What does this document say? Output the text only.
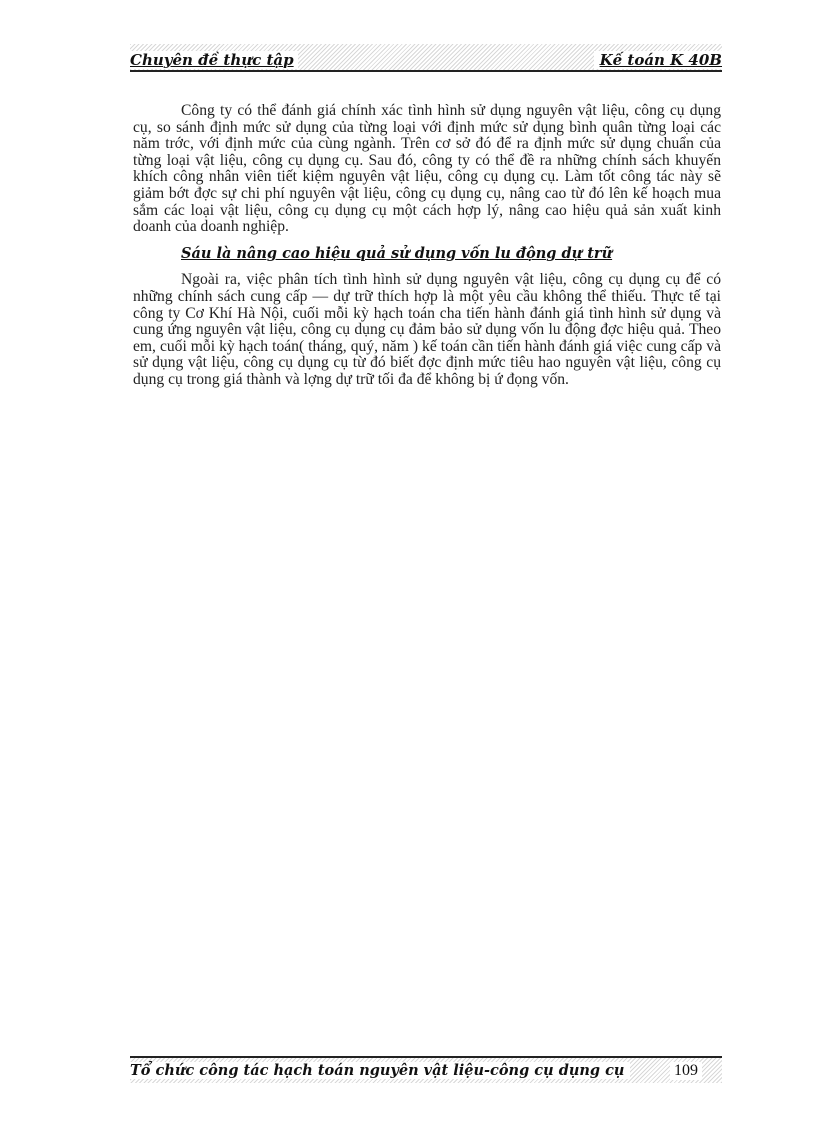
Chuyên đề thực tập	Kế toán K 40B

Công ty có thể đánh giá chính xác tình hình sử dụng nguyên vật liệu, công cụ dụng cụ, so sánh định mức sử dụng của từng loại với định mức sử dụng bình quân từng loại các năm trớc, với định mức của cùng ngành. Trên cơ sở đó để ra định mức sử dụng chuẩn của từng loại vật liệu, công cụ dụng cụ. Sau đó, công ty có thể đề ra những chính sách khuyến khích công nhân viên tiết kiệm nguyên vật liệu, công cụ dụng cụ. Làm tốt công tác này sẽ giảm bớt đợc sự chi phí nguyên vật liệu, công cụ dụng cụ, nâng cao từ đó lên kế hoạch mua sắm các loại vật liệu, công cụ dụng cụ một cách hợp lý, nâng cao hiệu quả sản xuất kinh doanh của doanh nghiệp.

Sáu là nâng cao hiệu quả sử dụng vốn lu động dự trữ

Ngoài ra, việc phân tích tình hình sử dụng nguyên vật liệu, công cụ dụng cụ để có những chính sách cung cấp — dự trữ thích hợp là một yêu cầu không thể thiếu. Thực tế tại công ty Cơ Khí Hà Nội, cuối mỗi kỳ hạch toán cha tiến hành đánh giá tình hình sử dụng và cung ứng nguyên vật liệu, công cụ dụng cụ đảm bảo sử dụng vốn lu động đợc hiệu quả. Theo em, cuối mỗi kỳ hạch toán( tháng, quý, năm ) kế toán cần tiến hành đánh giá việc cung cấp và sử dụng vật liệu, công cụ dụng cụ từ đó biết đợc định mức tiêu hao nguyên vật liệu, công cụ dụng cụ trong giá thành và lợng dự trữ tối đa để không bị ứ đọng vốn.

Tổ chức công tác hạch toán nguyên vật liệu-công cụ dụng cụ	109
